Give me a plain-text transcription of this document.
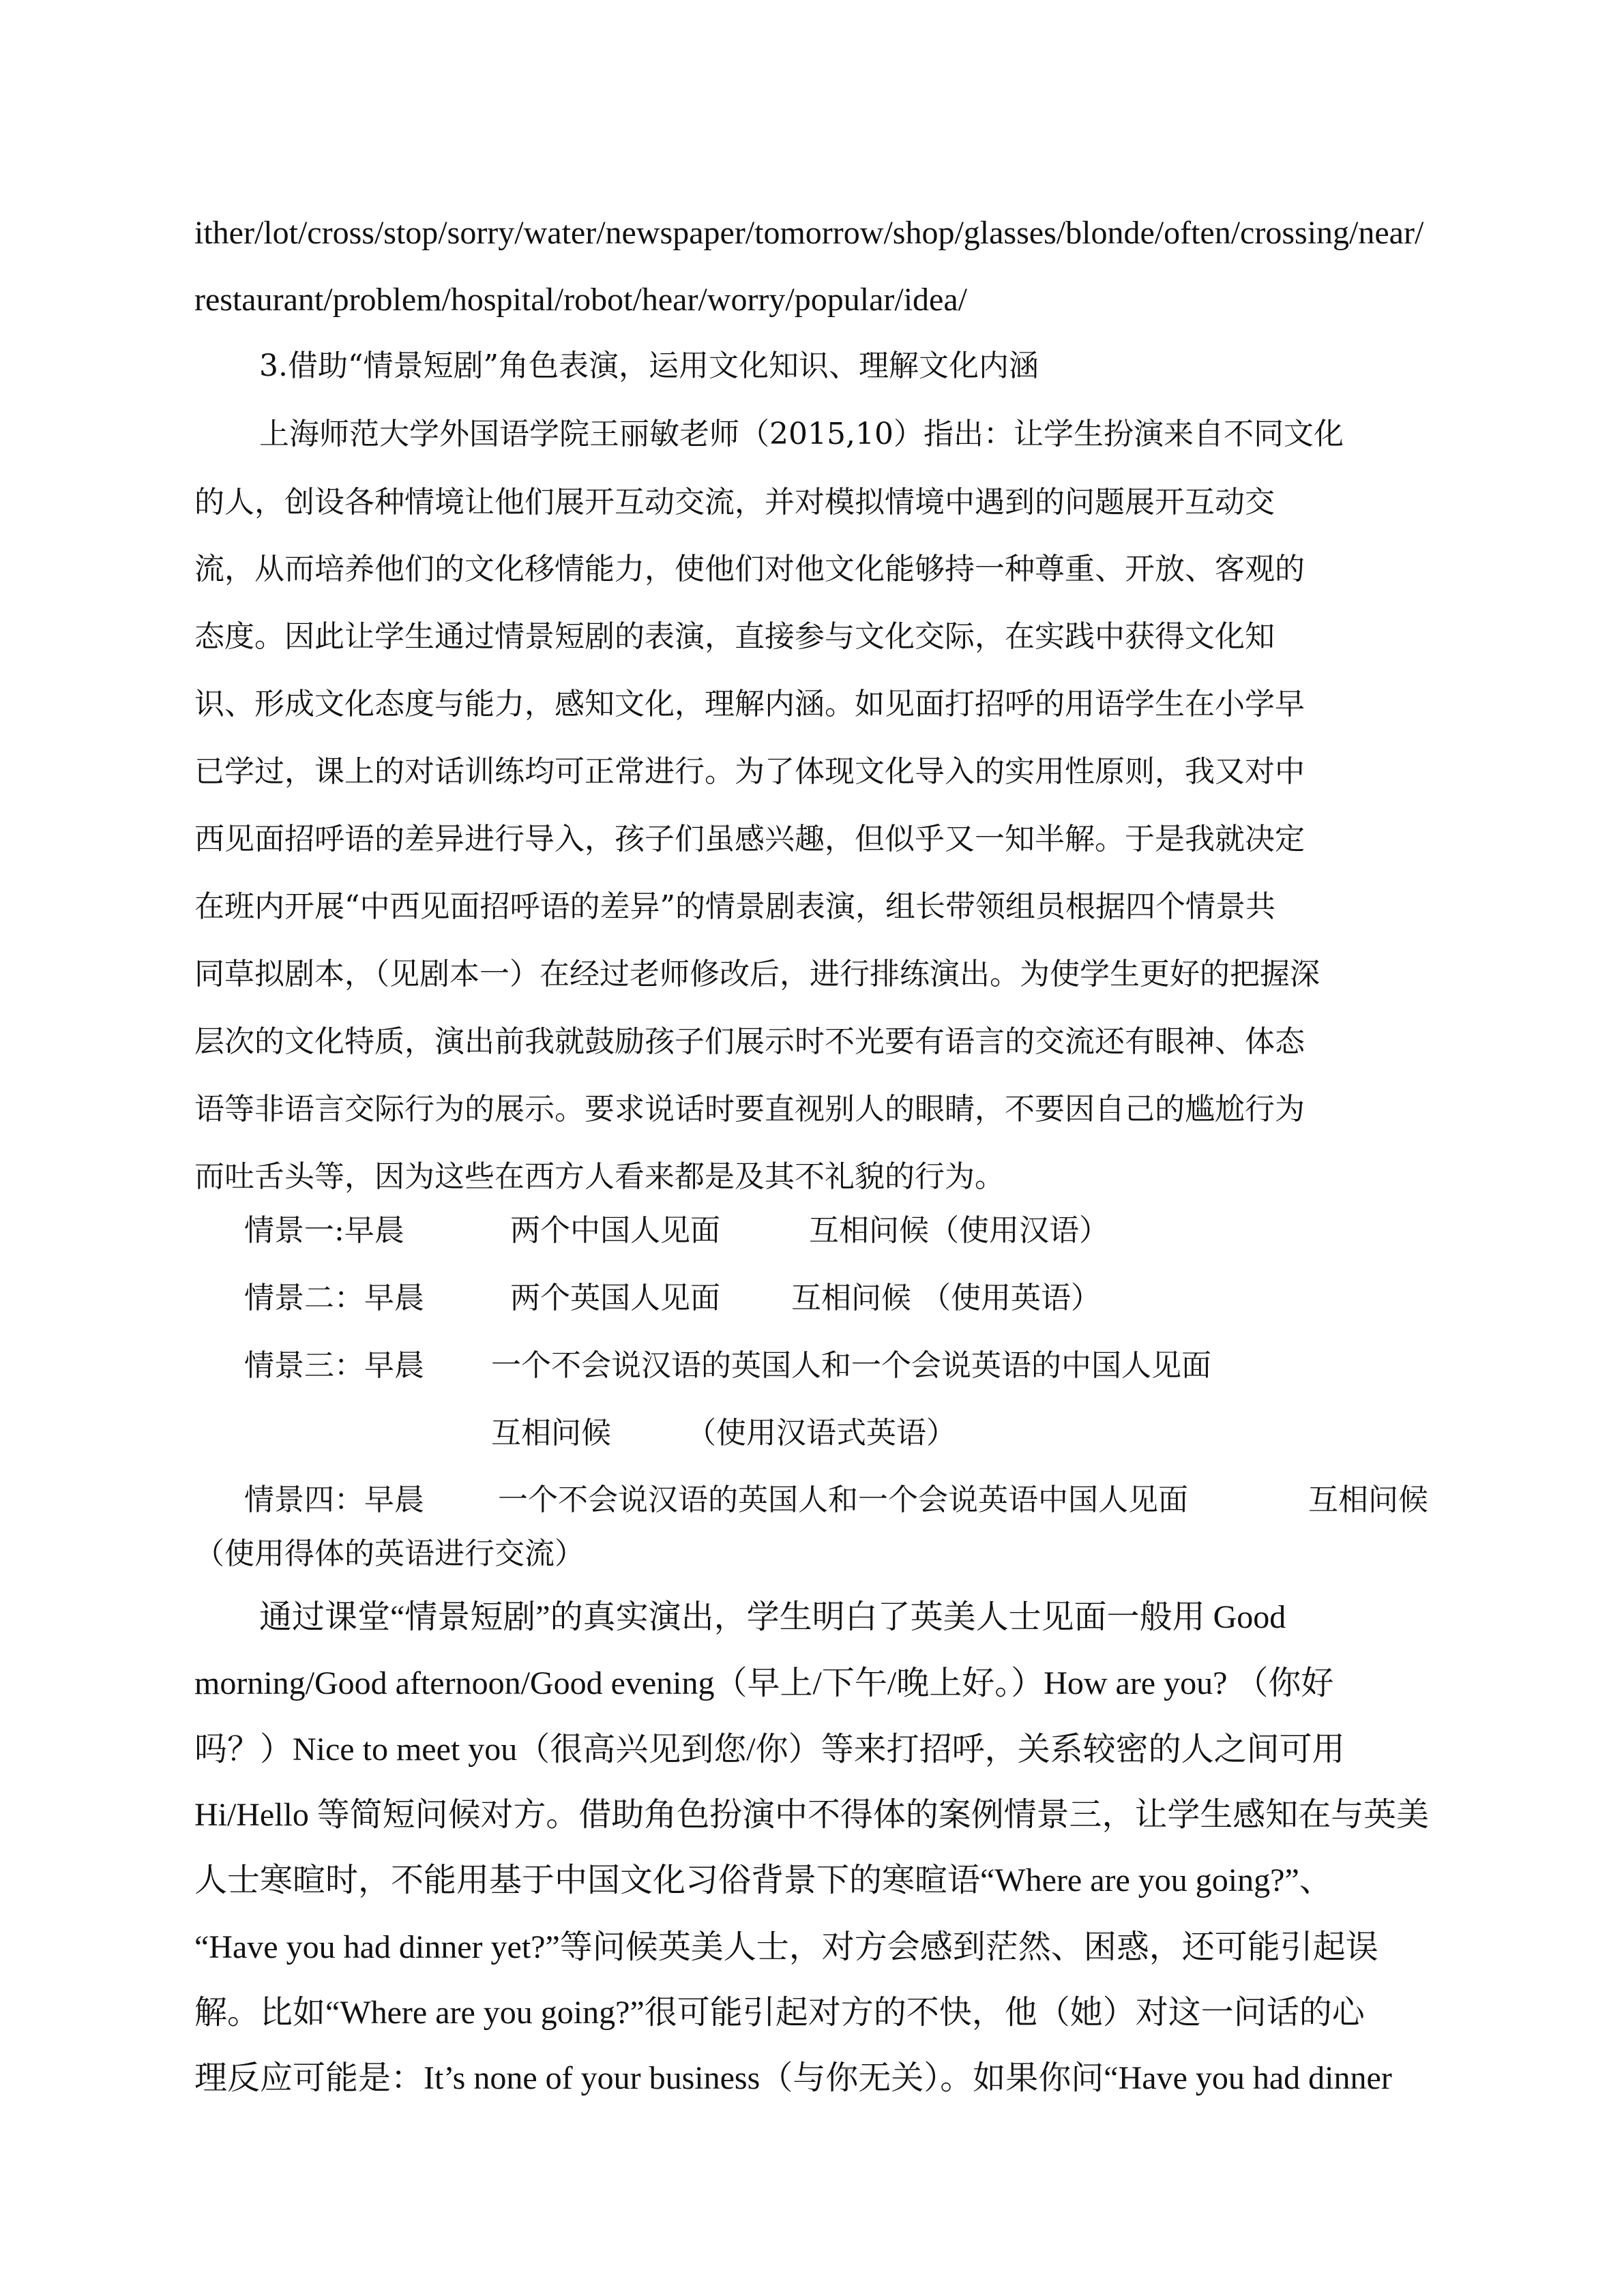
ither/lot/cross/stop/sorry/water/newspaper/tomorrow/shop/glasses/blonde/often/crossing/near/
restaurant/problem/hospital/robot/hear/worry/popular/idea/
3.借助“情景短剧”角色表演，运用文化知识、理解文化内涵
上海师范大学外国语学院王丽敏老师（2015,10）指出：让学生扮演来自不同文化
的人，创设各种情境让他们展开互动交流，并对模拟情境中遇到的问题展开互动交
流，从而培养他们的文化移情能力，使他们对他文化能够持一种尊重、开放、客观的
态度。因此让学生通过情景短剧的表演，直接参与文化交际，在实践中获得文化知
识、形成文化态度与能力，感知文化，理解内涵。如见面打招呼的用语学生在小学早
已学过，课上的对话训练均可正常进行。为了体现文化导入的实用性原则，我又对中
西见面招呼语的差异进行导入，孩子们虽感兴趣，但似乎又一知半解。于是我就决定
在班内开展“中西见面招呼语的差异”的情景剧表演，组长带领组员根据四个情景共
同草拟剧本，（见剧本一）在经过老师修改后，进行排练演出。为使学生更好的把握深
层次的文化特质，演出前我就鼓励孩子们展示时不光要有语言的交流还有眼神、体态
语等非语言交际行为的展示。要求说话时要直视别人的眼睛，不要因自己的尴尬行为
而吐舌头等，因为这些在西方人看来都是及其不礼貌的行为。
情景一:早晨	两个中国人见面	互相问候（使用汉语）
情景二：早晨	两个英国人见面 互相问候 （使用英语）
情景三：早晨 一个不会说汉语的英国人和一个会说英语的中国人见面
互相问候	（使用汉语式英语）
情景四：早晨 一个不会说汉语的英国人和一个会说英语中国人见面	互相问候
（使用得体的英语进行交流）
通过课堂“情景短剧”的真实演出，学生明白了英美人士见面一般用 Good
morning/Good afternoon/Good evening（早上/下午/晚上好。）How are you? （你好
吗？）Nice to meet you（很高兴见到您/你）等来打招呼，关系较密的人之间可用
Hi/Hello 等简短问候对方。借助角色扮演中不得体的案例情景三，让学生感知在与英美
人士寒暄时，不能用基于中国文化习俗背景下的寒暄语“Where are you going?”、
“Have you had dinner yet?”等问候英美人士，对方会感到茫然、困惑，还可能引起误
解。比如“Where are you going?”很可能引起对方的不快，他（她）对这一问话的心
理反应可能是：It’s none of your business（与你无关）。如果你问“Have you had dinner
